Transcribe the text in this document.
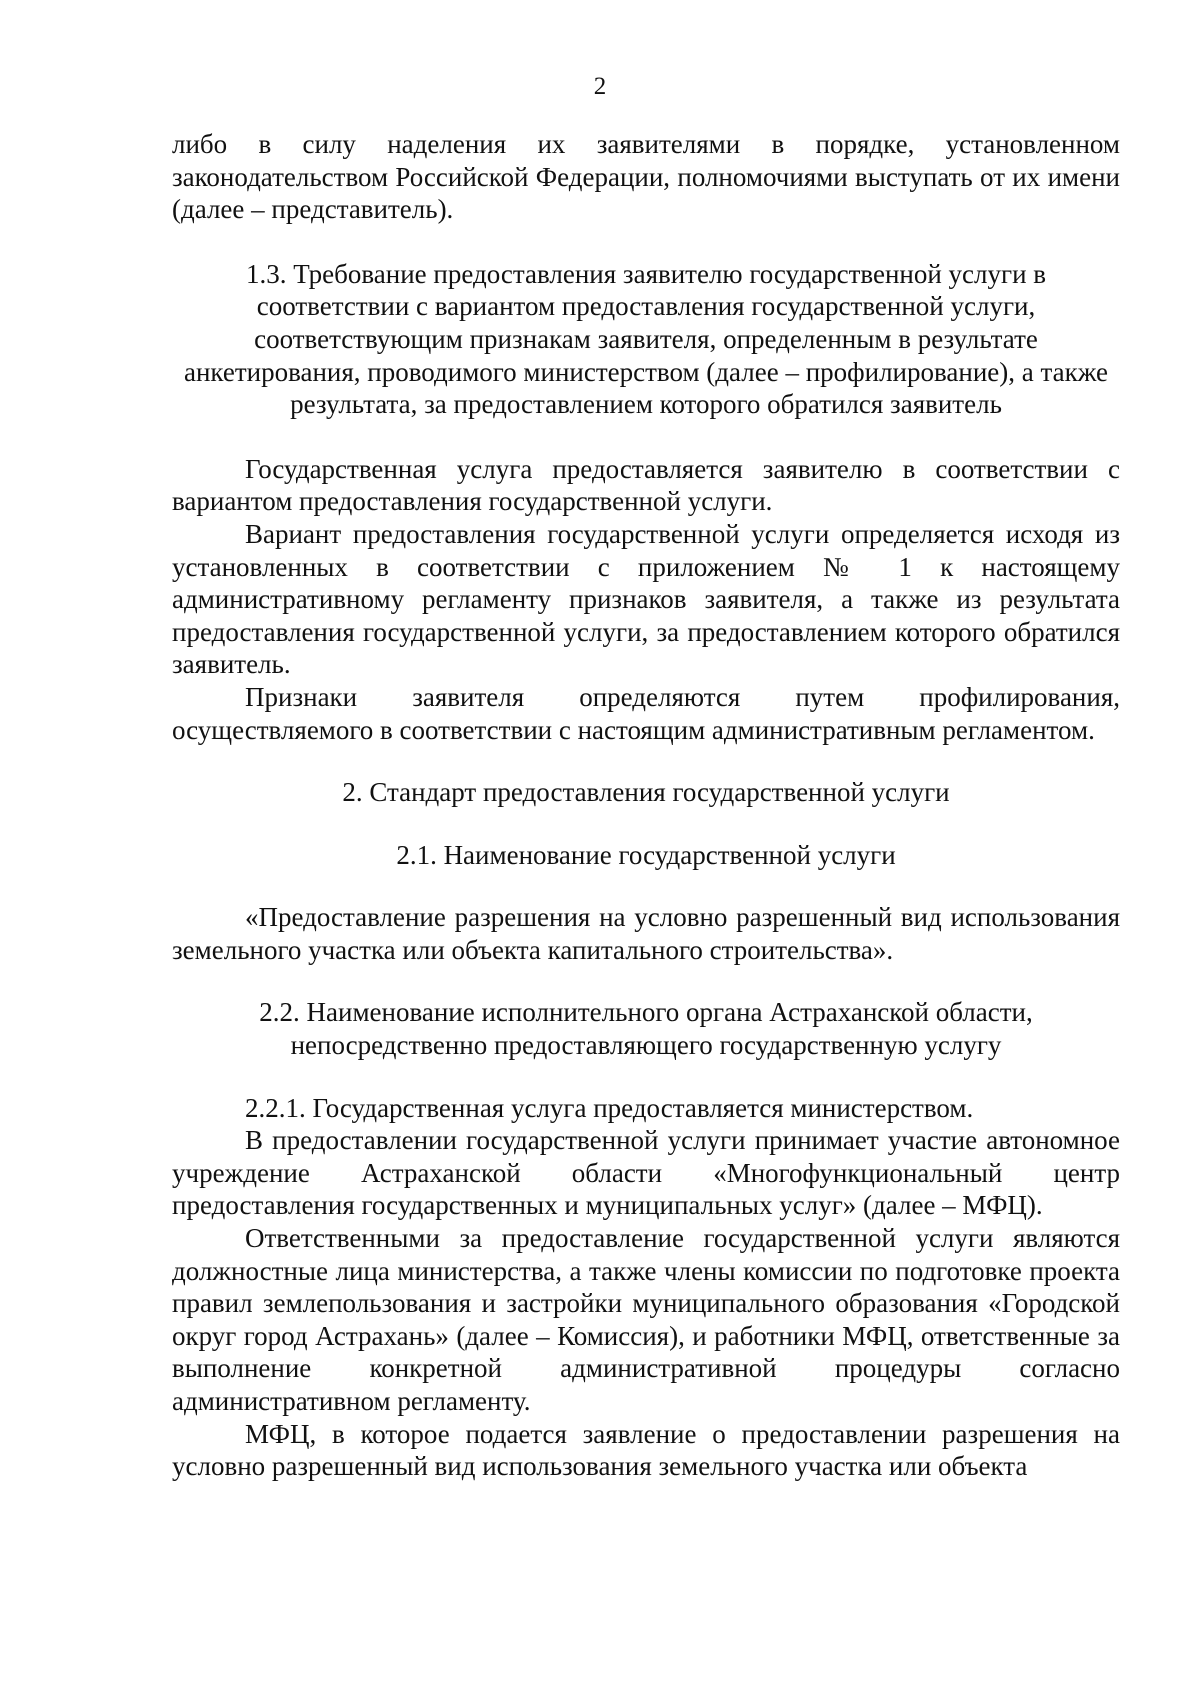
2

либо в силу наделения их заявителями в порядке, установленном законодательством Российской Федерации, полномочиями выступать от их имени (далее – представитель).

1.3. Требование предоставления заявителю государственной услуги в соответствии с вариантом предоставления государственной услуги, соответствующим признакам заявителя, определенным в результате анкетирования, проводимого министерством (далее – профилирование), а также результата, за предоставлением которого обратился заявитель

Государственная услуга предоставляется заявителю в соответствии с вариантом предоставления государственной услуги.

Вариант предоставления государственной услуги определяется исходя из установленных в соответствии с приложением № 1 к настоящему административному регламенту признаков заявителя, а также из результата предоставления государственной услуги, за предоставлением которого обратился заявитель.

Признаки заявителя определяются путем профилирования, осуществляемого в соответствии с настоящим административным регламентом.

2. Стандарт предоставления государственной услуги

2.1. Наименование государственной услуги

«Предоставление разрешения на условно разрешенный вид использования земельного участка или объекта капитального строительства».

2.2. Наименование исполнительного органа Астраханской области,

непосредственно предоставляющего государственную услугу

2.2.1. Государственная услуга предоставляется министерством.

В предоставлении государственной услуги принимает участие автономное учреждение Астраханской области «Многофункциональный центр предоставления государственных и муниципальных услуг» (далее – МФЦ).

Ответственными за предоставление государственной услуги являются должностные лица министерства, а также члены комиссии по подготовке проекта правил землепользования и застройки муниципального образования «Городской округ город Астрахань» (далее – Комиссия), и работники МФЦ, ответственные за выполнение конкретной административной процедуры согласно административном регламенту.

МФЦ, в которое подается заявление о предоставлении разрешения на условно разрешенный вид использования земельного участка или объекта
